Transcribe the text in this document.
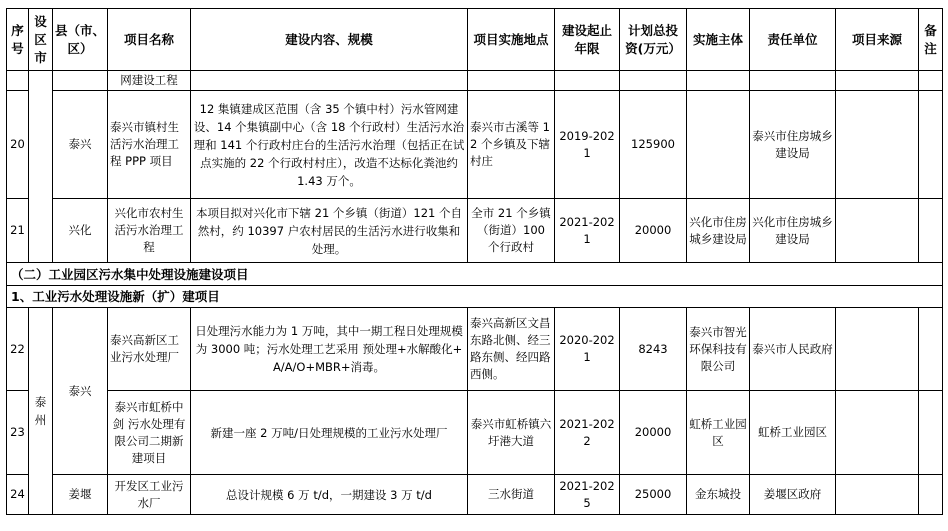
序号	设区市	县（市、区）	项目名称	建设内容、规模	项目实施地点	建设起止年限	计划总投资(万元）	实施主体	责任单位	项目来源	备注
			网建设工程								
20		泰兴	泰兴市镇村生活污水治理工程 PPP 项目	12 集镇建成区范围（含 35 个镇中村）污水管网建设、14 个集镇副中心（含 18 个行政村）生活污水治理和 141 个行政村庄台的生活污水治理（包括正在试点实施的 22 个行政村村庄），改造不达标化粪池约 1.43 万个。	泰兴市古溪等 12 个乡镇及下辖村庄	2019-2021	125900		泰兴市住房城乡建设局		
21		兴化	兴化市农村生活污水治理工程	本项目拟对兴化市下辖 21 个乡镇（街道）121 个自然村，约 10397 户农村居民的生活污水进行收集和处理。	全市 21 个乡镇（街道）100 个行政村	2021-2021	20000	兴化市住房城乡建设局	兴化市住房城乡建设局		
（二）工业园区污水集中处理设施建设项目											
1、工业污水处理设施新（扩）建项目											
22	泰州	泰兴	泰兴高新区工业污水处理厂	日处理污水能力为 1 万吨，其中一期工程日处理规模为 3000 吨；污水处理工艺采用 预处理+水解酸化+A/A/O+MBR+消毒。	泰兴高新区文昌东路北侧、经三路东侧、经四路西侧。	2020-2021	8243	泰兴市智光环保科技有限公司	泰兴市人民政府		
23			泰兴市虹桥中剑 污水处理有限公司二期新建项目	新建一座 2 万吨/日处理规模的工业污水处理厂	泰兴市虹桥镇六圩港大道	2021-2022	20000	虹桥工业园区	虹桥工业园区		
24		姜堰	开发区工业污水厂	总设计规模 6 万 t/d，一期建设 3 万 t/d	三水街道	2021-2025	25000	金东城投	姜堰区政府		
